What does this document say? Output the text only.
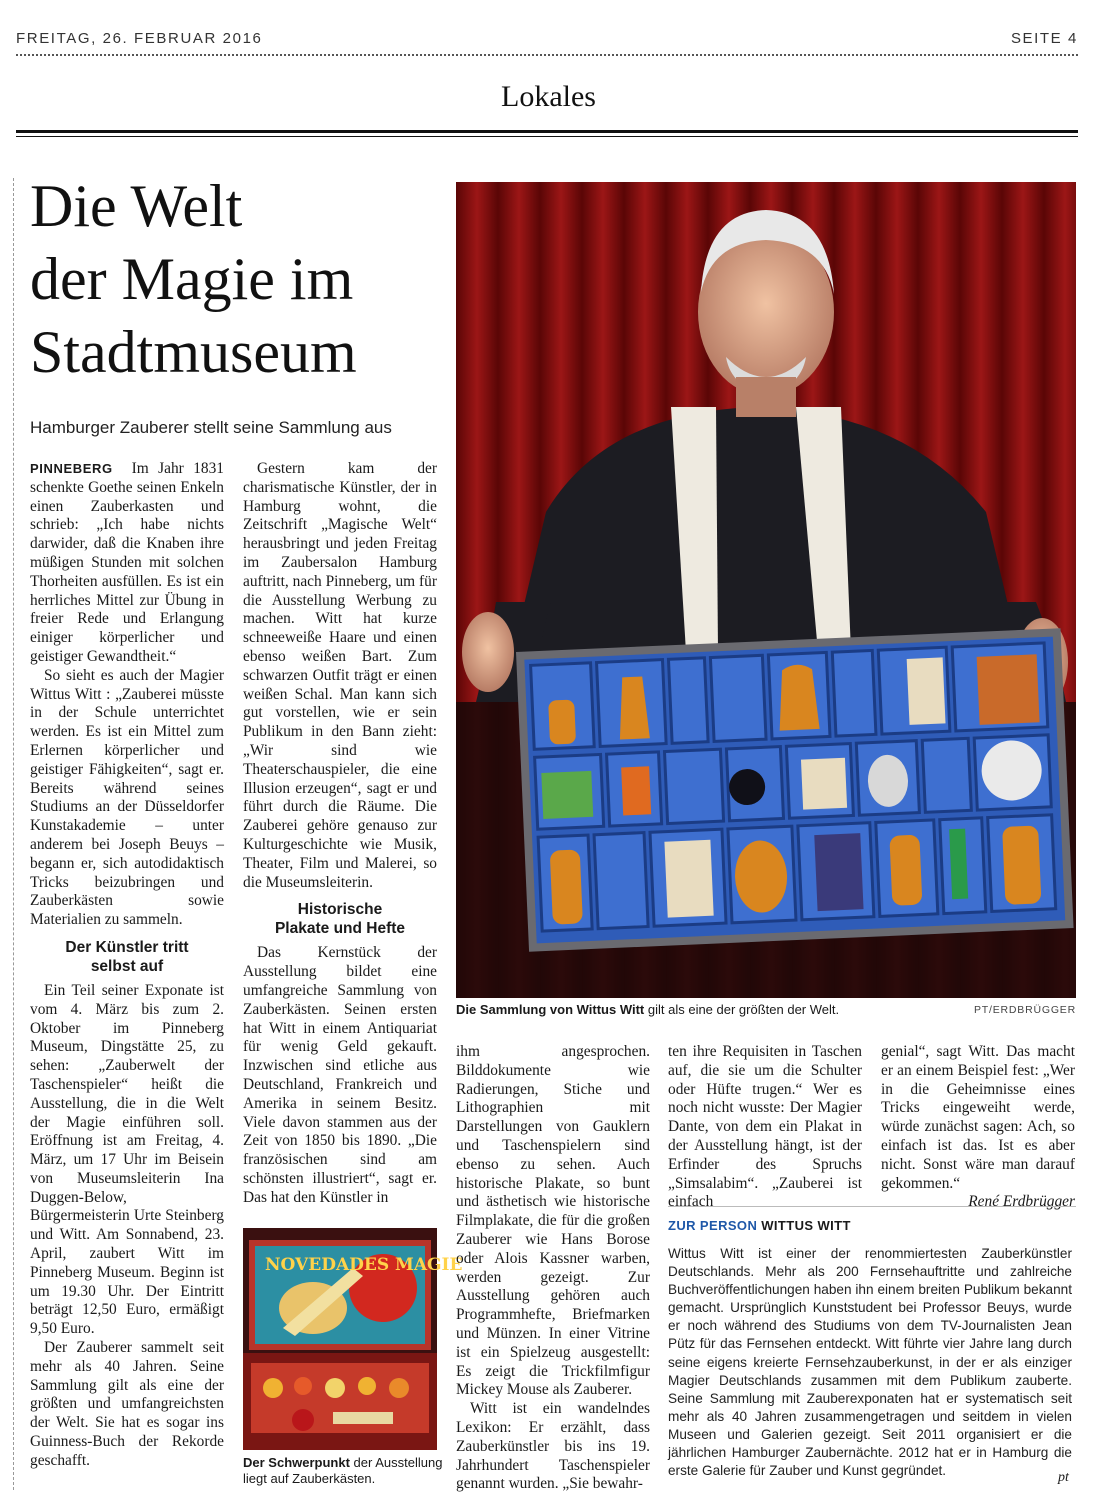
FREITAG, 26. FEBRUAR 2016	SEITE 4
Lokales
Die Welt
der Magie im
Stadtmuseum
Hamburger Zauberer stellt seine Sammlung aus

PINNEBERG Im Jahr 1831 schenkte Goethe seinen Enkeln einen Zauberkasten und schrieb: „Ich habe nichts darwider, daß die Knaben ihre müßigen Stunden mit solchen Thorheiten ausfüllen. Es ist ein herrliches Mittel zur Übung in freier Rede und Erlangung einiger körperlicher und geistiger Gewandtheit.“

So sieht es auch der Magier Wittus Witt : „Zauberei müsste in der Schule unterrichtet werden. Es ist ein Mittel zum Erlernen körperlicher und geistiger Fähigkeiten“, sagt er. Bereits während seines Studiums an der Düsseldorfer Kunstakademie – unter anderem bei Joseph Beuys – begann er, sich autodidaktisch Tricks beizubringen und Zauberkästen sowie Materialien zu sammeln.

Der Künstler tritt selbst auf

Ein Teil seiner Exponate ist vom 4. März bis zum 2. Oktober im Pinneberg Museum, Dingstätte 25, zu sehen: „Zauberwelt der Taschenspieler“ heißt die Ausstellung, die in die Welt der Magie einführen soll. Eröffnung ist am Freitag, 4. März, um 17 Uhr im Beisein von Museumsleiterin Ina Duggen-Below, Bürgermeisterin Urte Steinberg und Witt. Am Sonnabend, 23. April, zaubert Witt im Pinneberg Museum. Beginn ist um 19.30 Uhr. Der Eintritt beträgt 12,50 Euro, ermäßigt 9,50 Euro.

Der Zauberer sammelt seit mehr als 40 Jahren. Seine Sammlung gilt als eine der größten und umfangreichsten der Welt. Sie hat es sogar ins Guinness-Buch der Rekorde geschafft.

Gestern kam der charismatische Künstler, der in Hamburg wohnt, die Zeitschrift „Magische Welt“ herausbringt und jeden Freitag im Zaubersalon Hamburg auftritt, nach Pinneberg, um für die Ausstellung Werbung zu machen. Witt hat kurze schneeweiße Haare und einen ebenso weißen Bart. Zum schwarzen Outfit trägt er einen weißen Schal. Man kann sich gut vorstellen, wie er sein Publikum in den Bann zieht: „Wir sind wie Theaterschauspieler, die eine Illusion erzeugen“, sagt er und führt durch die Räume. Die Zauberei gehöre genauso zur Kulturgeschichte wie Musik, Theater, Film und Malerei, so die Museumsleiterin.

Historische Plakate und Hefte

Das Kernstück der Ausstellung bildet eine umfangreiche Sammlung von Zauberkästen. Seinen ersten hat Witt in einem Antiquariat für wenig Geld gekauft. Inzwischen sind etliche aus Deutschland, Frankreich und Amerika in seinem Besitz. Viele davon stammen aus der Zeit von 1850 bis 1890. „Die französischen sind am schönsten illustriert“, sagt er. Das hat den Künstler in

NOVEDADES MAGIE
Der Schwerpunkt der Ausstellung liegt auf Zauberkästen.
Die Sammlung von Wittus Witt gilt als eine der größten der Welt.	PT/ERDBRÜGGER

ihm angesprochen. Bilddokumente wie Radierungen, Stiche und Lithographien mit Darstellungen von Gauklern und Taschenspielern sind ebenso zu sehen. Auch historische Plakate, so bunt und ästhetisch wie historische Filmplakate, die für die großen Zauberer wie Hans Borose oder Alois Kassner warben, werden gezeigt. Zur Ausstellung gehören auch Programmhefte, Briefmarken und Münzen. In einer Vitrine ist ein Spielzeug ausgestellt: Es zeigt die Trickfilmfigur Mickey Mouse als Zauberer.

Witt ist ein wandelndes Lexikon: Er erzählt, dass Zauberkünstler bis ins 19. Jahrhundert Taschenspieler genannt wurden. „Sie bewahr-

ten ihre Requisiten in Taschen auf, die sie um die Schulter oder Hüfte trugen.“ Wer es noch nicht wusste: Der Magier Dante, von dem ein Plakat in der Ausstellung hängt, ist der Erfinder des Spruchs „Simsalabim“. „Zauberei ist einfach

genial“, sagt Witt. Das macht er an einem Beispiel fest: „Wer in die Geheimnisse eines Tricks eingeweiht werde, würde zunächst sagen: Ach, so einfach ist das. Ist es aber nicht. Sonst wäre man darauf gekommen.“

René Erdbrügger
ZUR PERSON WITTUS WITT
Wittus Witt ist einer der renommiertesten Zauberkünstler Deutschlands. Mehr als 200 Fernsehauftritte und zahlreiche Buchveröffentlichungen haben ihn einem breiten Publikum bekannt gemacht. Ursprünglich Kunststudent bei Professor Beuys, wurde er noch während des Studiums von dem TV-Journalisten Jean Pütz für das Fernsehen entdeckt. Witt führte vier Jahre lang durch seine eigens kreierte Fernsehzauberkunst, in der er als einziger Magier Deutschlands zusammen mit dem Publikum zauberte. Seine Sammlung mit Zauberexponaten hat er systematisch seit mehr als 40 Jahren zusammengetragen und seitdem in vielen Museen und Galerien gezeigt. Seit 2011 organisiert er die jährlichen Hamburger Zaubernächte. 2012 hat er in Hamburg die erste Galerie für Zauber und Kunst gegründet.	pt
